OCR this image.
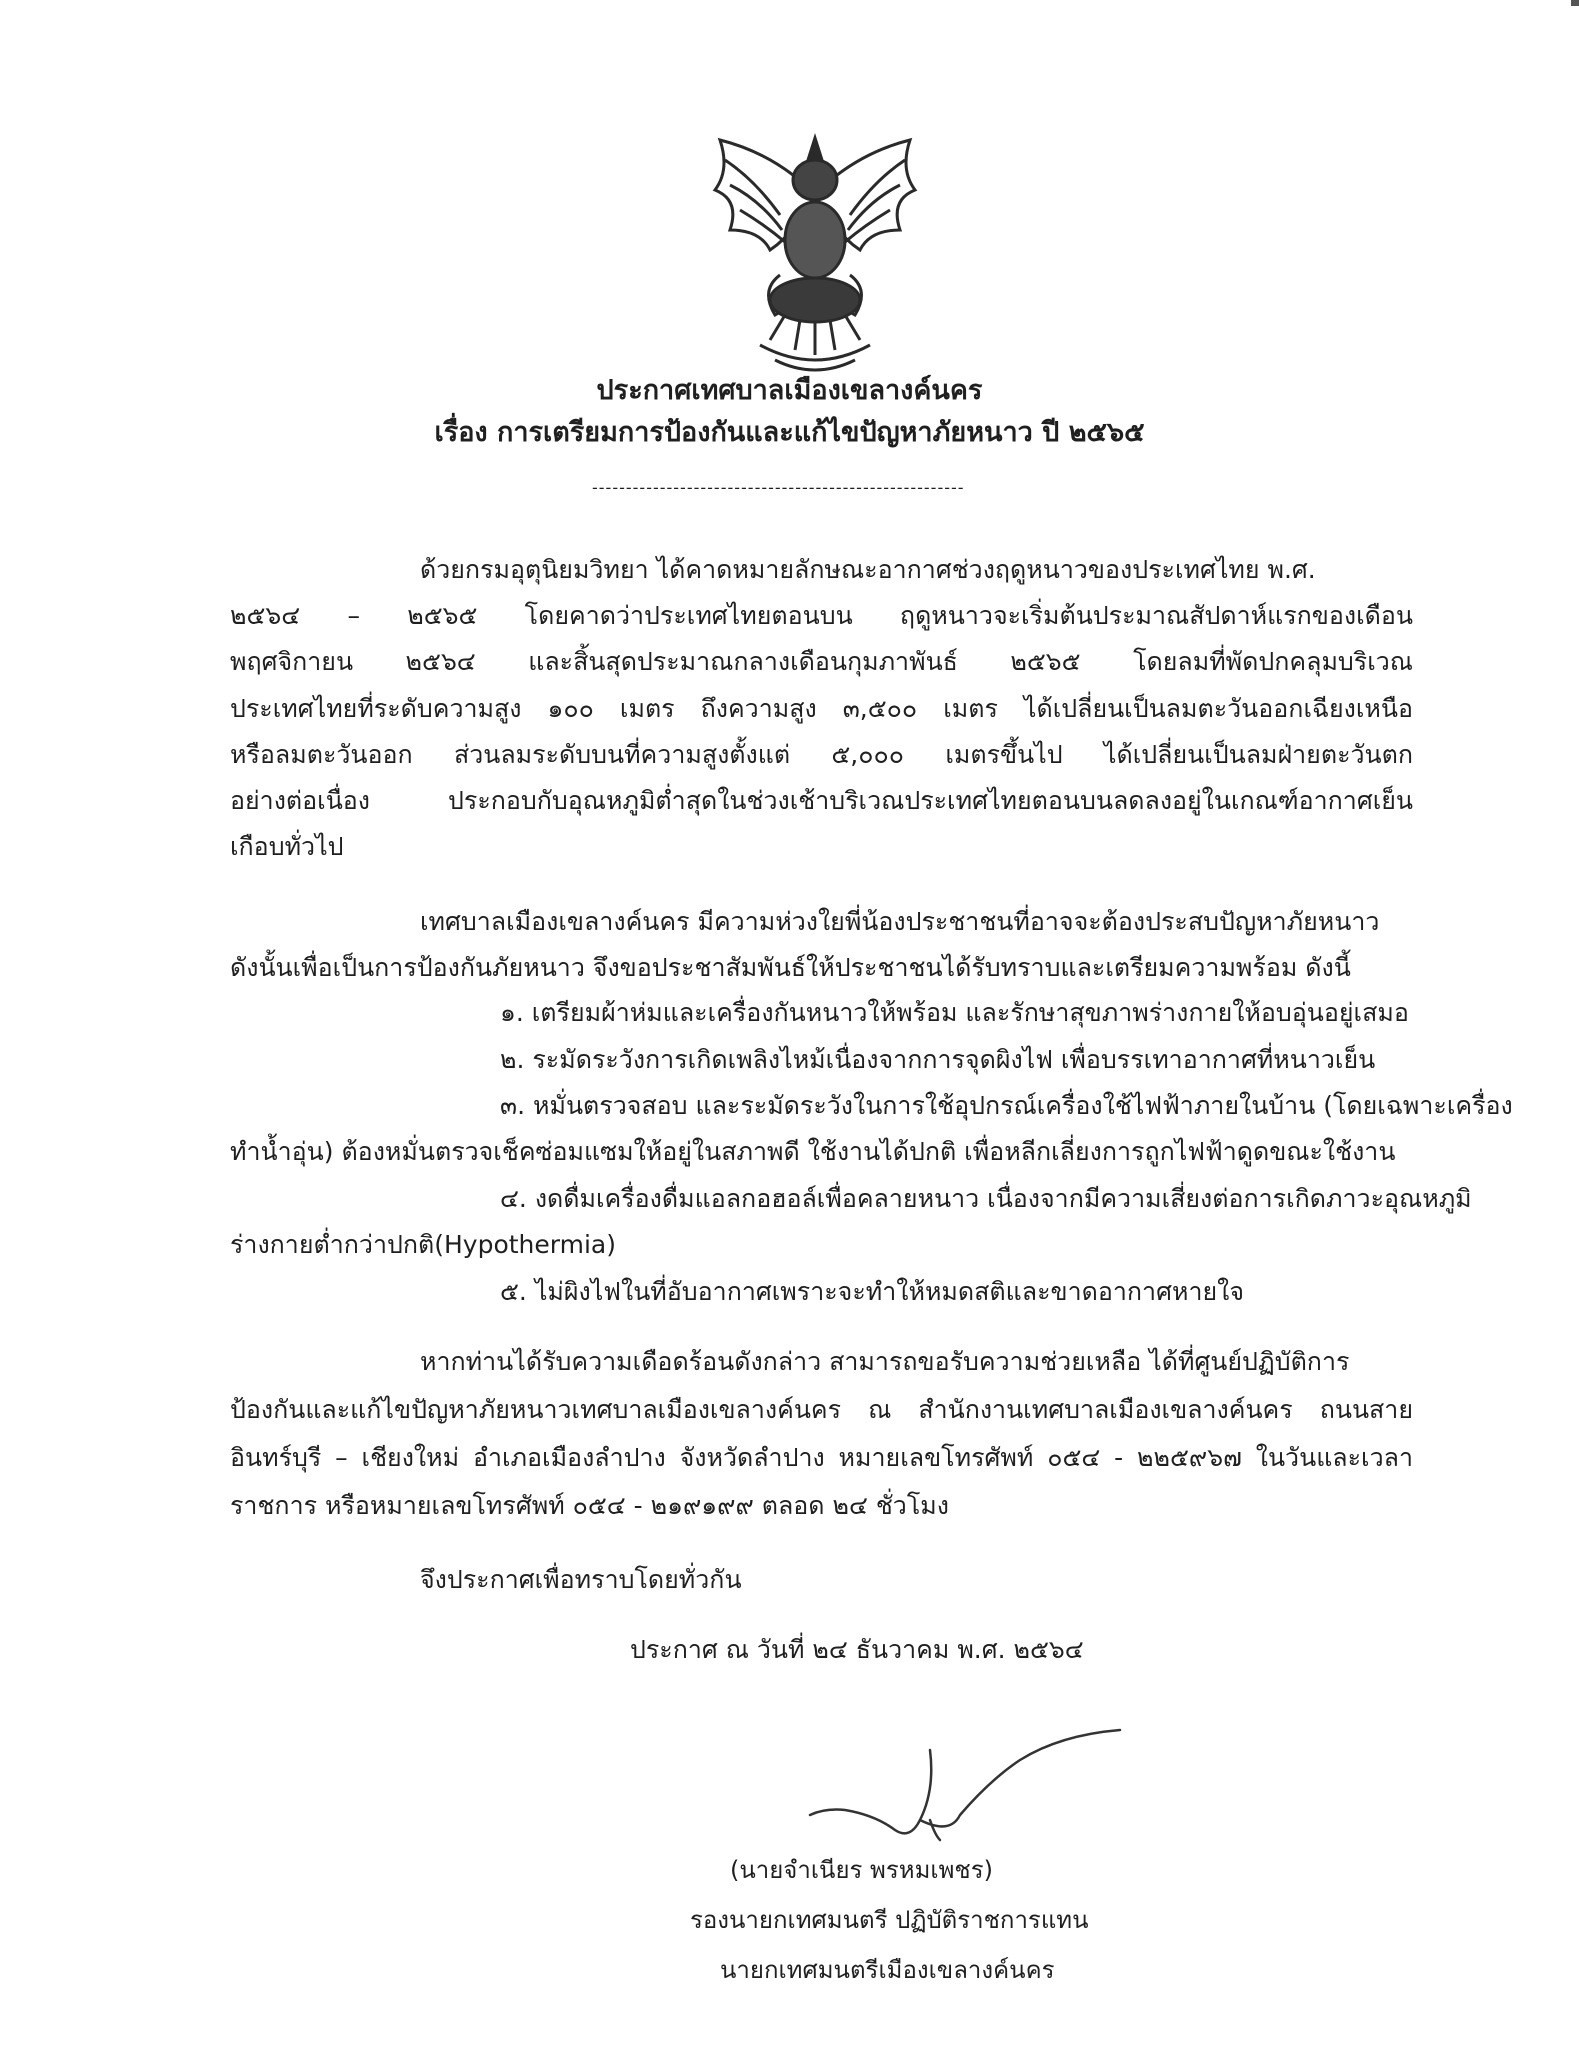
ประกาศเทศบาลเมืองเขลางค์นคร
เรื่อง การเตรียมการป้องกันและแก้ไขปัญหาภัยหนาว ปี ๒๕๖๕
-------------------------------------------------------
ด้วยกรมอุตุนิยมวิทยา ได้คาดหมายลักษณะอากาศช่วงฤดูหนาวของประเทศไทย พ.ศ.
๒๕๖๔ – ๒๕๖๕ โดยคาดว่าประเทศไทยตอนบน ฤดูหนาวจะเริ่มต้นประมาณสัปดาห์แรกของเดือน
พฤศจิกายน ๒๕๖๔ และสิ้นสุดประมาณกลางเดือนกุมภาพันธ์ ๒๕๖๕ โดยลมที่พัดปกคลุมบริเวณ
ประเทศไทยที่ระดับความสูง ๑๐๐ เมตร ถึงความสูง ๓,๕๐๐ เมตร ได้เปลี่ยนเป็นลมตะวันออกเฉียงเหนือ
หรือลมตะวันออก ส่วนลมระดับบนที่ความสูงตั้งแต่ ๕,๐๐๐ เมตรขึ้นไป ได้เปลี่ยนเป็นลมฝ่ายตะวันตก
อย่างต่อเนื่อง ประกอบกับอุณหภูมิต่ำสุดในช่วงเช้าบริเวณประเทศไทยตอนบนลดลงอยู่ในเกณฑ์อากาศเย็น
เกือบทั่วไป
เทศบาลเมืองเขลางค์นคร มีความห่วงใยพี่น้องประชาชนที่อาจจะต้องประสบปัญหาภัยหนาว
ดังนั้นเพื่อเป็นการป้องกันภัยหนาว จึงขอประชาสัมพันธ์ให้ประชาชนได้รับทราบและเตรียมความพร้อม ดังนี้
๑. เตรียมผ้าห่มและเครื่องกันหนาวให้พร้อม และรักษาสุขภาพร่างกายให้อบอุ่นอยู่เสมอ
๒. ระมัดระวังการเกิดเพลิงไหม้เนื่องจากการจุดผิงไฟ เพื่อบรรเทาอากาศที่หนาวเย็น
๓. หมั่นตรวจสอบ และระมัดระวังในการใช้อุปกรณ์เครื่องใช้ไฟฟ้าภายในบ้าน (โดยเฉพาะเครื่อง
ทำน้ำอุ่น) ต้องหมั่นตรวจเช็คซ่อมแซมให้อยู่ในสภาพดี ใช้งานได้ปกติ เพื่อหลีกเลี่ยงการถูกไฟฟ้าดูดขณะใช้งาน
๔. งดดื่มเครื่องดื่มแอลกอฮอล์เพื่อคลายหนาว เนื่องจากมีความเสี่ยงต่อการเกิดภาวะอุณหภูมิ
ร่างกายต่ำกว่าปกติ(Hypothermia)
๕. ไม่ผิงไฟในที่อับอากาศเพราะจะทำให้หมดสติและขาดอากาศหายใจ
หากท่านได้รับความเดือดร้อนดังกล่าว สามารถขอรับความช่วยเหลือ ได้ที่ศูนย์ปฏิบัติการ
ป้องกันและแก้ไขปัญหาภัยหนาวเทศบาลเมืองเขลางค์นคร ณ สำนักงานเทศบาลเมืองเขลางค์นคร ถนนสาย
อินทร์บุรี – เชียงใหม่ อำเภอเมืองลำปาง จังหวัดลำปาง หมายเลขโทรศัพท์ ๐๕๔ - ๒๒๕๙๖๗ ในวันและเวลา
ราชการ หรือหมายเลขโทรศัพท์ ๐๕๔ - ๒๑๙๑๙๙ ตลอด ๒๔ ชั่วโมง
จึงประกาศเพื่อทราบโดยทั่วกัน
ประกาศ ณ วันที่ ๒๔ ธันวาคม พ.ศ. ๒๕๖๔
(นายจำเนียร พรหมเพชร)
รองนายกเทศมนตรี ปฏิบัติราชการแทน
นายกเทศมนตรีเมืองเขลางค์นคร
